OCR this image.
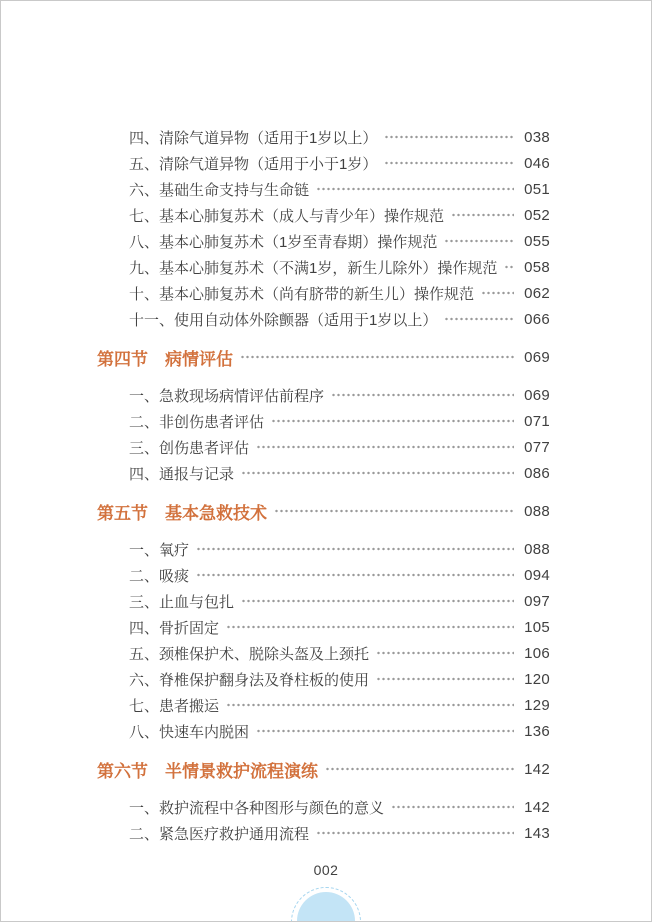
四、清除气道异物（适用于1岁以上）	038
五、清除气道异物（适用于小于1岁）	046
六、基础生命支持与生命链	051
七、基本心肺复苏术（成人与青少年）操作规范	052
八、基本心肺复苏术（1岁至青春期）操作规范	055
九、基本心肺复苏术（不满1岁，新生儿除外）操作规范 058
十、基本心肺复苏术（尚有脐带的新生儿）操作规范	062
十一、使用自动体外除颤器（适用于1岁以上）	066
第四节　病情评估	069
一、急救现场病情评估前程序	069
二、非创伤患者评估	071
三、创伤患者评估	077
四、通报与记录	086
第五节　基本急救技术	088
一、氧疗	088
二、吸痰	094
三、止血与包扎	097
四、骨折固定	105
五、颈椎保护术、脱除头盔及上颈托	106
六、脊椎保护翻身法及脊柱板的使用	120
七、患者搬运	129
八、快速车内脱困	136
第六节　半情景救护流程演练	142
一、救护流程中各种图形与颜色的意义	142
二、紧急医疗救护通用流程	143
002
